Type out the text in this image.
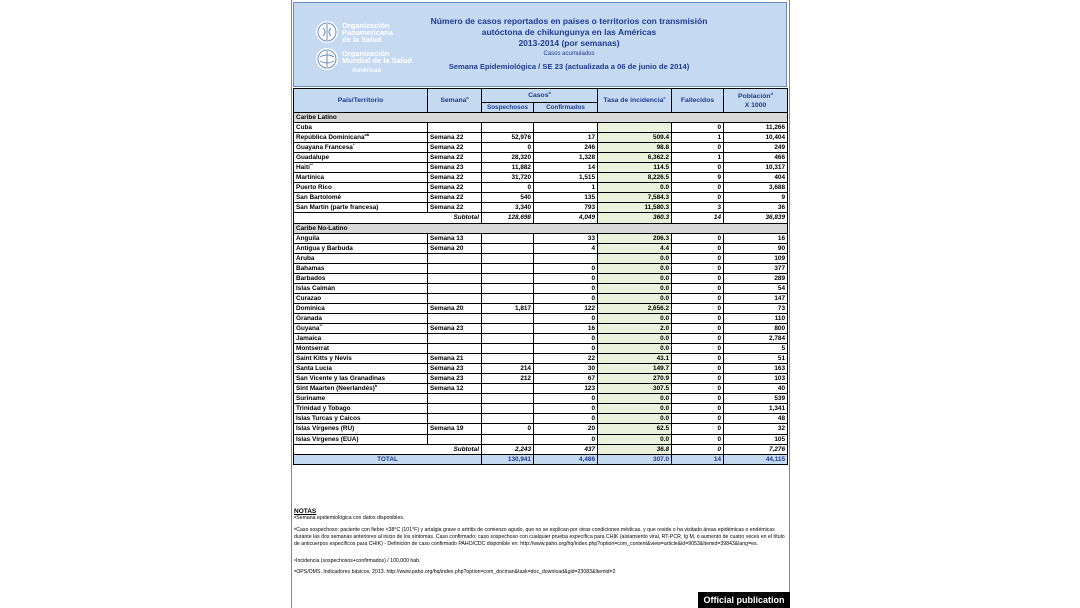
Organización
Panamericana
de la Salud
Organización
Mundial de la Salud
Américas
Número de casos reportados en países o territorios con transmisión
autóctona de chikungunya en las Américas
2013-2014 (por semanas)
Casos acumulados
Semana Epidemiológica / SE 23 (actualizada a 06 de junio de 2014)
País/Territorio	Semana$^a$	Casos$^b$		Tasa de incidencia$^c$	Fallecidos	Población$^d$
X 1000
		Sospechosos	Confirmados			
Caribe Latino						
Cuba					0	11,266
República Dominicana$^{ab}$	Semana 22	52,976	17	509.4	1	10,404
Guayana Francesa*	Semana 22	0	246	98.8	0	249
Guadalupe	Semana 22	28,320	1,328	6,362.2	1	466
Haití**	Semana 23	11,882	14	114.5	0	10,317
Martinica	Semana 22	31,720	1,515	8,226.5	9	404
Puerto Rico	Semana 22	0	1	0.0	0	3,688
San Bartolomé	Semana 22	540	135	7,584.3	0	9
San Martín (parte francesa)	Semana 22	3,340	793	11,580.3	3	36
Subtotal		128,698	4,049	360.3	14	36,839
Caribe No-Latino						
Anguila	Semana 13		33	206.3	0	16
Antigua y Barbuda	Semana 20		4	4.4	0	90
Aruba				0.0	0	109
Bahamas			0	0.0	0	377
Barbados			0	0.0	0	289
Islas Caimán			0	0.0	0	54
Curazao			0	0.0	0	147
Dominica	Semana 20	1,817	122	2,656.2	0	73
Granada			0	0.0	0	110
Guyana**	Semana 23		16	2.0	0	800
Jamaica			0	0.0	0	2,784
Montserrat			0	0.0	0	5
Saint Kitts y Nevis	Semana 21		22	43.1	0	51
Santa Lucía	Semana 23	214	30	149.7	0	163
San Vicente y las Granadinas	Semana 23	212	67	270.9	0	103
Sint Maarten (Neerlandés)$^b$	Semana 12		123	307.5	0	40
Suriname			0	0.0	0	539
Trinidad y Tobago			0	0.0	0	1,341
Islas Turcas y Caicos			0	0.0	0	48
Islas Vírgenes (RU)	Semana 19	0	20	62.5	0	32
Islas Vírgenes (EUA)			0	0.0	0	105
Subtotal		2,243	437	36.8	0	7,276
TOTAL		130,941	4,486	307.0	14	44,115
NOTAS
$^a$Semana epidemiológica con datos disponibles.
$^b$Caso sospechoso: paciente con fiebre <38°C (101°F) y artalgia grave o artritis de comienzo agudo, que no se explican por otras condiciones médicas, y que reside o ha visitado áreas epidémicas o endémicas durante las dos semanas anteriores al inicio de los síntomas. Caso confirmado: caso sospechoso con cualquier prueba específica para CHIK (aislamiento viral, RT-PCR, Ig M, o aumento de cuatro veces en el título de anticuerpos específicos para CHIK) - Definición de caso confirmado PAHO/CDC disponible en: http://www.paho.org/hq/index.php?option=com_content&view=article&id=9053&Itemid=39843&lang=es.
$^c$Incidencia (sospechosos+confirmados) / 100,000 hab.
$^d$OPS/OMS. Indicadores básicos, 2013. http://www.paho.org/hq/index.php?option=com_docman&task=doc_download&gid=23083&Itemid=2
Official publication
